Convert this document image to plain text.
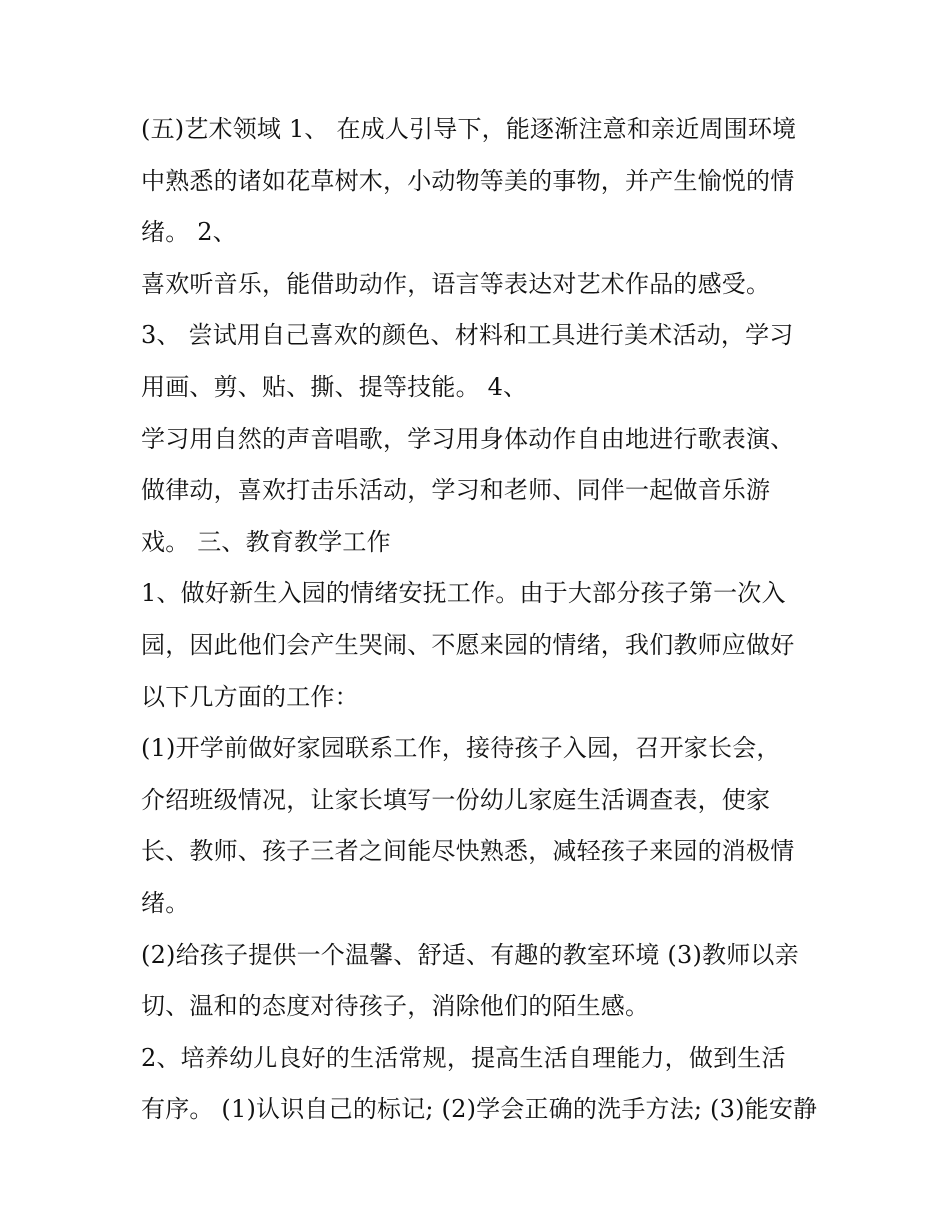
(五)艺术领域 1、 在成人引导下，能逐渐注意和亲近周围环境
中熟悉的诸如花草树木，小动物等美的事物，并产生愉悦的情
绪。 2、
喜欢听音乐，能借助动作，语言等表达对艺术作品的感受。
3、 尝试用自己喜欢的颜色、材料和工具进行美术活动，学习
用画、剪、贴、撕、提等技能。 4、
学习用自然的声音唱歌，学习用身体动作自由地进行歌表演、
做律动，喜欢打击乐活动，学习和老师、同伴一起做音乐游
戏。 三、教育教学工作
1、做好新生入园的情绪安抚工作。由于大部分孩子第一次入
园，因此他们会产生哭闹、不愿来园的情绪，我们教师应做好
以下几方面的工作：
(1)开学前做好家园联系工作，接待孩子入园，召开家长会，
介绍班级情况，让家长填写一份幼儿家庭生活调查表，使家
长、教师、孩子三者之间能尽快熟悉，减轻孩子来园的消极情
绪。
(2)给孩子提供一个温馨、舒适、有趣的教室环境 (3)教师以亲
切、温和的态度对待孩子，消除他们的陌生感。
2、培养幼儿良好的生活常规，提高生活自理能力，做到生活
有序。 (1)认识自己的标记; (2)学会正确的洗手方法; (3)能安静
